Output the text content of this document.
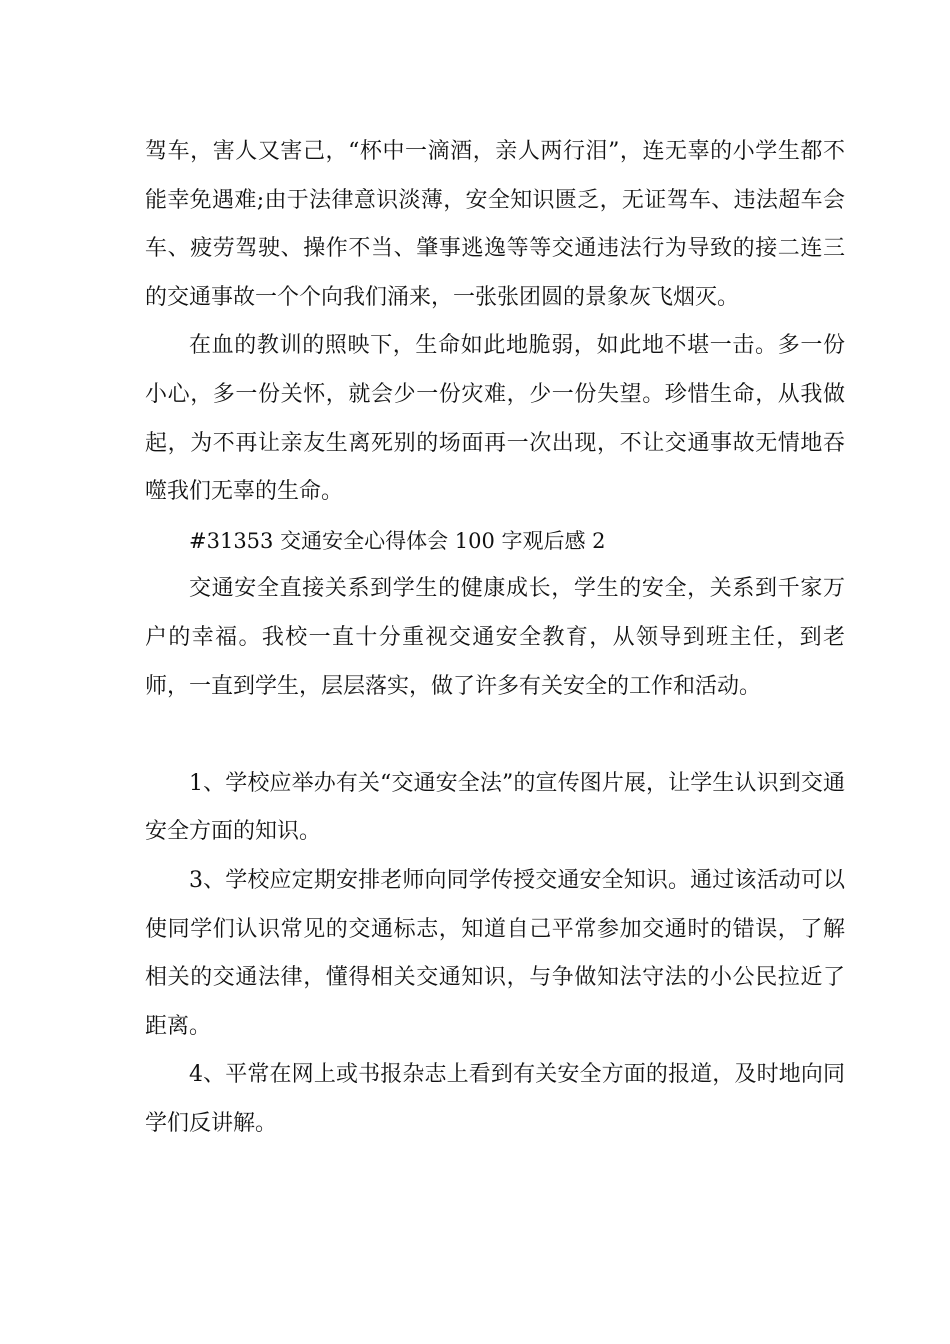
驾车，害人又害己，“杯中一滴酒，亲人两行泪”，连无辜的小学生都不能幸免遇难;由于法律意识淡薄，安全知识匮乏，无证驾车、违法超车会车、疲劳驾驶、操作不当、肇事逃逸等等交通违法行为导致的接二连三的交通事故一个个向我们涌来，一张张团圆的景象灰飞烟灭。

在血的教训的照映下，生命如此地脆弱，如此地不堪一击。多一份小心，多一份关怀，就会少一份灾难，少一份失望。珍惜生命，从我做起，为不再让亲友生离死别的场面再一次出现，不让交通事故无情地吞噬我们无辜的生命。

#31353 交通安全心得体会 100 字观后感 2

交通安全直接关系到学生的健康成长，学生的安全，关系到千家万户的幸福。我校一直十分重视交通安全教育，从领导到班主任，到老师，一直到学生，层层落实，做了许多有关安全的工作和活动。

1、学校应举办有关“交通安全法”的宣传图片展，让学生认识到交通安全方面的知识。

3、学校应定期安排老师向同学传授交通安全知识。通过该活动可以使同学们认识常见的交通标志，知道自己平常参加交通时的错误，了解相关的交通法律，懂得相关交通知识，与争做知法守法的小公民拉近了距离。

4、平常在网上或书报杂志上看到有关安全方面的报道，及时地向同学们反讲解。
